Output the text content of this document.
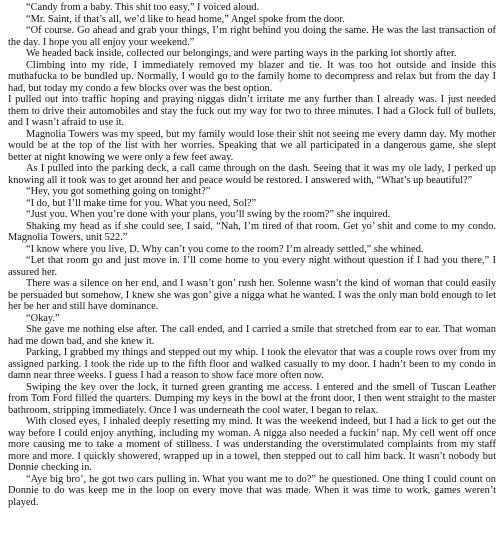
“Candy from a baby. This shit too easy,” I voiced aloud.

“Mr. Saint, if that’s all, we’d like to head home,” Angel spoke from the door.

“Of course. Go ahead and grab your things, I’m right behind you doing the same. He was the last transaction of the day. I hope you all enjoy your weekend.”

We headed back inside, collected our belongings, and were parting ways in the parking lot shortly after.

Climbing into my ride, I immediately removed my blazer and tie. It was too hot outside and inside this muthafucka to be bundled up. Normally, I would go to the family home to decompress and relax but from the day I had, but today my condo a few blocks over was the best option.

I pulled out into traffic hoping and praying niggas didn’t irritate me any further than I already was. I just needed them to drive their automobiles and stay the fuck out my way for two to three minutes. I had a Glock full of bullets, and I wasn’t afraid to use it.

Magnolia Towers was my speed, but my family would lose their shit not seeing me every damn day. My mother would be at the top of the list with her worries. Speaking that we all participated in a dangerous game, she slept better at night knowing we were only a few feet away.

As I pulled into the parking deck, a call came through on the dash. Seeing that it was my ole lady, I perked up knowing all it took was to get around her and peace would be restored. I answered with, “What’s up beautiful?”

“Hey, you got something going on tonight?”

“I do, but I’ll make time for you. What you need, Sol?”

“Just you. When you’re done with your plans, you’ll swing by the room?” she inquired.

Shaking my head as if she could see, I said, “Nah, I’m tired of that room. Get yo’ shit and come to my condo. Magnolia Towers, unit 522.”

“I know where you live, D. Why can’t you come to the room? I’m already settled,” she whined.

“Let that room go and just move in. I’ll come home to you every night without question if I had you there,” I assured her.

There was a silence on her end, and I wasn’t gon’ rush her. Solenne wasn’t the kind of woman that could easily be persuaded but somehow, I knew she was gon’ give a nigga what he wanted. I was the only man bold enough to let her be her and still have dominance.

“Okay.”

She gave me nothing else after. The call ended, and I carried a smile that stretched from ear to ear. That woman had me down bad, and she knew it.

Parking, I grabbed my things and stepped out my whip. I took the elevator that was a couple rows over from my assigned parking. I took the ride up to the fifth floor and walked casually to my door. I hadn’t been to my condo in damn near three weeks. I guess I had a reason to show face more often now.

Swiping the key over the lock, it turned green granting me access. I entered and the smell of Tuscan Leather from Tom Ford filled the quarters. Dumping my keys in the bowl at the front door, I then went straight to the master bathroom, stripping immediately. Once I was underneath the cool water, I began to relax.

With closed eyes, I inhaled deeply resetting my mind. It was the weekend indeed, but I had a lick to get out the way before I could enjoy anything, including my woman. A nigga also needed a fuckin’ nap. My cell went off once more causing me to take a moment of stillness. I was understanding the overstimulated complaints from my staff more and more. I quickly showered, wrapped up in a towel, then stepped out to call him back. It wasn’t nobody but Donnie checking in.

“Aye big bro’, he got two cars pulling in. What you want me to do?” he questioned. One thing I could count on Donnie to do was keep me in the loop on every move that was made. When it was time to work, games weren’t played.
